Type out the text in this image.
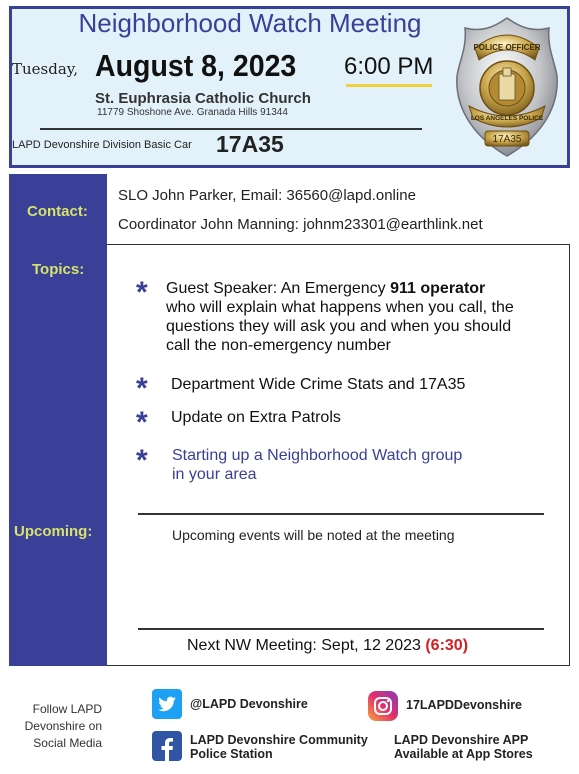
Neighborhood Watch Meeting
Tuesday, August 8, 2023 6:00 PM
St. Euphrasia Catholic Church
11779 Shoshone Ave. Granada Hills 91344
LAPD Devonshire Division Basic Car 17A35
POLICE OFFICER
LOS ANGELES POLICE
17A35
Contact:
Topics:
Upcoming:
SLO John Parker, Email: 36560@lapd.online
Coordinator John Manning: johnm23301@earthlink.net
* Guest Speaker: An Emergency 911 operator
who will explain what happens when you call, the questions they will ask you and when you should call the non-emergency number
* Department Wide Crime Stats and 17A35
* Update on Extra Patrols
* Starting up a Neighborhood Watch group in your area
Upcoming events will be noted at the meeting
Next NW Meeting: Sept, 12 2023 (6:30)
Follow LAPD Devonshire on Social Media
@LAPD Devonshire	17LAPDDevonshire
LAPD Devonshire Community Police Station
LAPD Devonshire APP Available at App Stores
